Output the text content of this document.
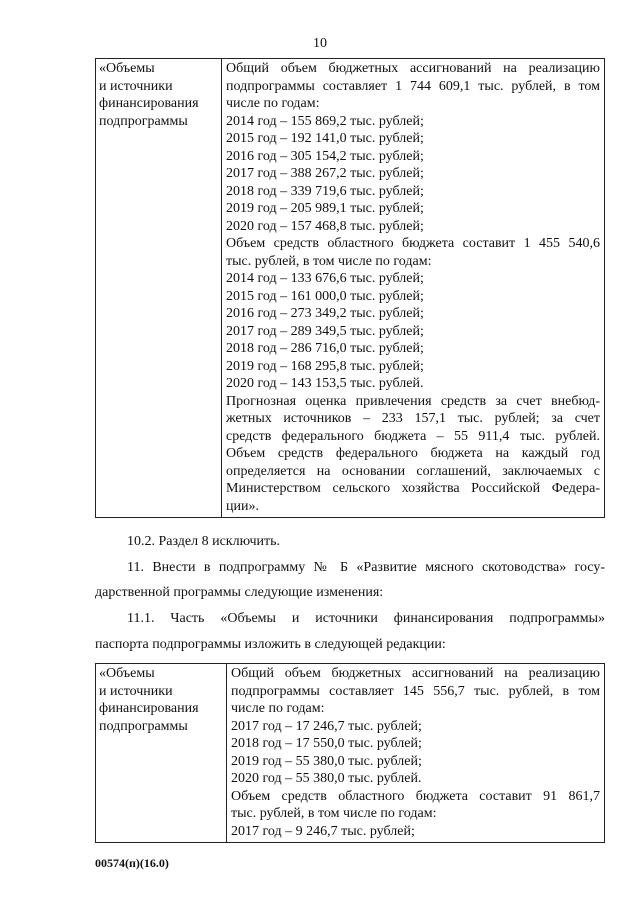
10
«Объемы
и источники
финансирования
подпрограммы

Общий объем бюджетных ассигнований на реализацию
подпрограммы составляет 1 744 609,1 тыс. рублей, в том
числе по годам:
2014 год – 155 869,2 тыс. рублей;
2015 год – 192 141,0 тыс. рублей;
2016 год – 305 154,2 тыс. рублей;
2017 год – 388 267,2 тыс. рублей;
2018 год – 339 719,6 тыс. рублей;
2019 год – 205 989,1 тыс. рублей;
2020 год – 157 468,8 тыс. рублей;
Объем средств областного бюджета составит 1 455 540,6
тыс. рублей, в том числе по годам:
2014 год – 133 676,6 тыс. рублей;
2015 год – 161 000,0 тыс. рублей;
2016 год – 273 349,2 тыс. рублей;
2017 год – 289 349,5 тыс. рублей;
2018 год – 286 716,0 тыс. рублей;
2019 год – 168 295,8 тыс. рублей;
2020 год – 143 153,5 тыс. рублей.
Прогнозная оценка привлечения средств за счет внебюд-
жетных источников – 233 157,1 тыс. рублей; за счет
средств федерального бюджета – 55 911,4 тыс. рублей.
Объем средств федерального бюджета на каждый год
определяется на основании соглашений, заключаемых с
Министерством сельского хозяйства Российской Федера-
ции».
10.2. Раздел 8 исключить.
11. Внести в подпрограмму № Б «Развитие мясного скотоводства» госу-
дарственной программы следующие изменения:
11.1. Часть «Объемы и источники финансирования подпрограммы»
паспорта подпрограммы изложить в следующей редакции:
«Объемы
и источники
финансирования
подпрограммы

Общий объем бюджетных ассигнований на реализацию
подпрограммы составляет 145 556,7 тыс. рублей, в том
числе по годам:
2017 год – 17 246,7 тыс. рублей;
2018 год – 17 550,0 тыс. рублей;
2019 год – 55 380,0 тыс. рублей;
2020 год – 55 380,0 тыс. рублей.
Объем средств областного бюджета составит 91 861,7
тыс. рублей, в том числе по годам:
2017 год – 9 246,7 тыс. рублей;
00574(п)(16.0)
